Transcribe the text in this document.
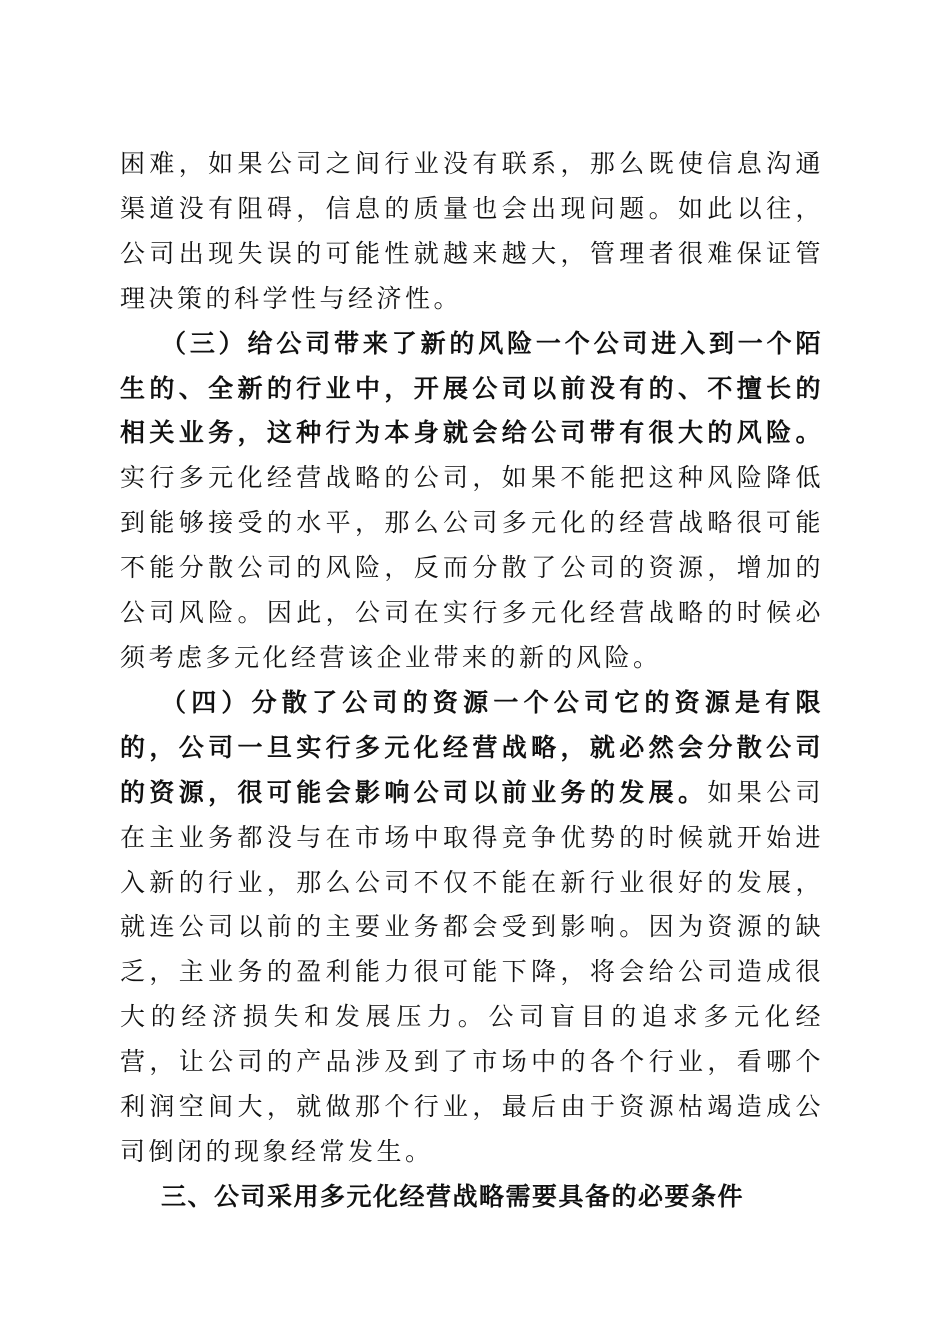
困难，如果公司之间行业没有联系，那么既使信息沟通渠道没有阻碍，信息的质量也会出现问题。如此以往，公司出现失误的可能性就越来越大，管理者很难保证管理决策的科学性与经济性。

（三）给公司带来了新的风险一个公司进入到一个陌生的、全新的行业中，开展公司以前没有的、不擅长的相关业务，这种行为本身就会给公司带有很大的风险。实行多元化经营战略的公司，如果不能把这种风险降低到能够接受的水平，那么公司多元化的经营战略很可能不能分散公司的风险，反而分散了公司的资源，增加的公司风险。因此，公司在实行多元化经营战略的时候必须考虑多元化经营该企业带来的新的风险。

（四）分散了公司的资源一个公司它的资源是有限的，公司一旦实行多元化经营战略，就必然会分散公司的资源，很可能会影响公司以前业务的发展。如果公司在主业务都没与在市场中取得竞争优势的时候就开始进入新的行业，那么公司不仅不能在新行业很好的发展，就连公司以前的主要业务都会受到影响。因为资源的缺乏，主业务的盈利能力很可能下降，将会给公司造成很大的经济损失和发展压力。公司盲目的追求多元化经营，让公司的产品涉及到了市场中的各个行业，看哪个利润空间大，就做那个行业，最后由于资源枯竭造成公司倒闭的现象经常发生。

三、公司采用多元化经营战略需要具备的必要条件
